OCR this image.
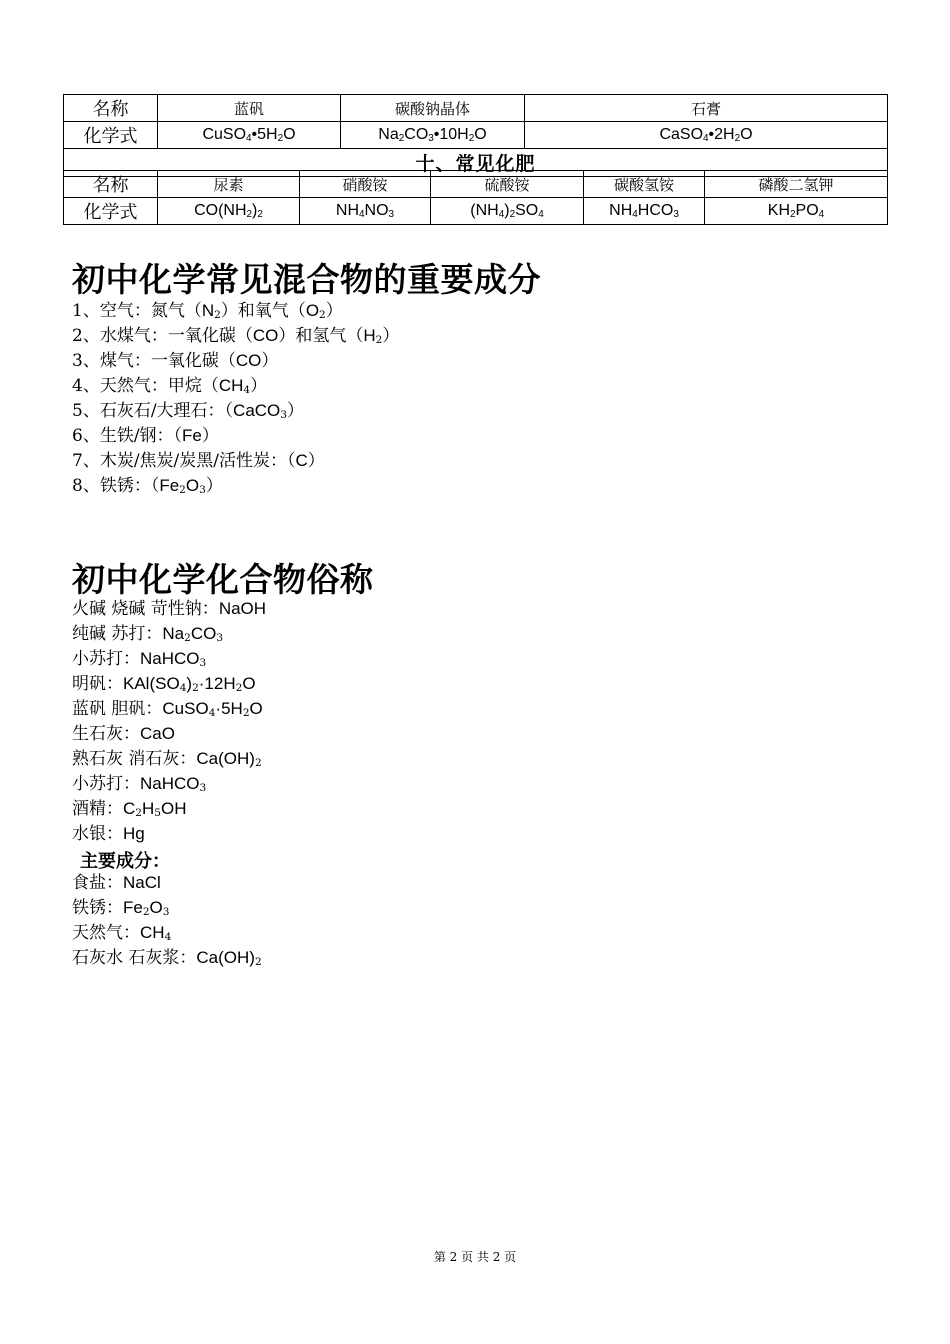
名称	蓝矾	碳酸钠晶体	石膏
化学式	$CuSO_4•5H_2O$	$Na_2CO_3•10H_2O$	$CaSO_4•2H_2O$
十、常见化肥			
名称	尿素	硝酸铵	硫酸铵	碳酸氢铵	磷酸二氢钾
化学式	$CO(NH_2)_2$	$NH_4NO_3$	$(NH_4)_2SO_4$	$NH_4HCO_3$	$KH_2PO_4$
初中化学常见混合物的重要成分
1、空气：氮气$(N_2)$和氧气$(O_2)$
2、水煤气：一氧化碳（CO）和氢气$(H_2)$
3、煤气：一氧化碳（CO）
4、天然气：甲烷$(CH_4)$
5、石灰石/大理石：（CaCO$_3$）
6、生铁/钢：（Fe）
7、木炭/焦炭/炭黑/活性炭：（C）
8、铁锈：$(Fe_2O_3)$
初中化学化合物俗称
火碱 烧碱 苛性钠：NaOH
纯碱 苏打：$Na_2CO_3$
小苏打：NaHCO$_3$
明矾：$KAl(SO_4)_2\cdot 12H_2O$
蓝矾 胆矾：$CuSO_4\cdot 5H_2O$
生石灰：CaO
熟石灰 消石灰：$Ca(OH)_2$
小苏打：NaHCO$_3$
酒精：$C_2H_5OH$
水银：Hg
主要成分：
食盐：NaCl
铁锈：$Fe_2O_3$
天然气：$CH_4$
石灰水 石灰浆：$Ca(OH)_2$
第 2 页 共 2 页
